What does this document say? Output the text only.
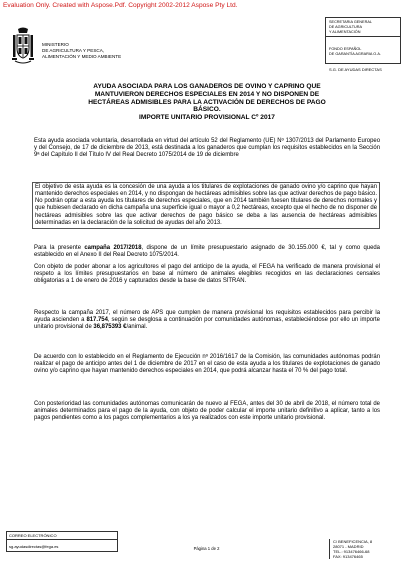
Evaluation Only. Created with Aspose.Pdf. Copyright 2002-2012 Aspose Pty Ltd.
MINISTERIO
DE AGRICULTURA Y PESCA,
ALIMENTACIÓN Y MEDIO AMBIENTE
SECRETARIA GENERAL
DE AGRICULTURA
Y ALIMENTACIÓN
FONDO ESPAÑOL
DE GARANTÍA AGRARIA O.A.
S.G. DE AYUDAS DIRECTAS
AYUDA ASOCIADA PARA LOS GANADEROS DE OVINO Y CAPRINO QUE
MANTUVIERON DERECHOS ESPECIALES EN 2014 Y NO DISPONEN DE
HECTÁREAS ADMISIBLES PARA LA ACTIVACIÓN DE DERECHOS DE PAGO
BÁSICO.
IMPORTE UNITARIO PROVISIONAL Cº 2017
Esta ayuda asociada voluntaria, desarrollada en virtud del artículo 52 del Reglamento (UE) Nº 1307/2013 del Parlamento Europeo y del Consejo, de 17 de diciembre de 2013, está destinada a los ganaderos que cumplan los requisitos establecidos en la Sección 9ª del Capítulo II del Título IV del Real Decreto 1075/2014 de 19 de diciembre
El objetivo de esta ayuda es la concesión de una ayuda a los titulares de explotaciones de ganado ovino y/o caprino que hayan mantenido derechos especiales en 2014, y no dispongan de hectáreas admisibles sobre las que activar derechos de pago básico. No podrán optar a esta ayuda los titulares de derechos especiales, que en 2014 también fuesen titulares de derechos normales y que hubiesen declarado en dicha campaña una superficie igual o mayor a 0,2 hectáreas, excepto que el hecho de no disponer de hectáreas admisibles sobre las que activar derechos de pago básico se deba a las ausencia de hectáreas admisibles determinadas en la declaración de la solicitud de ayudas del año 2013.
Para la presente campaña 2017/2018, dispone de un límite presupuestario asignado de 30.155.000 €, tal y como queda establecido en el Anexo II del Real Decreto 1075/2014.
Con objeto de poder abonar a los agricultores el pago del anticipo de la ayuda, el FEGA ha verificado de manera provisional el respeto a los límites presupuestarios en base al número de animales elegibles recogidos en las declaraciones censales obligatorias a 1 de enero de 2016 y capturados desde la base de datos SITRAN.
Respecto la campaña 2017, el número de APS que cumplen de manera provisional los requisitos establecidos para percibir la ayuda ascienden a 817.754, según se desglosa a continuación por comunidades autónomas, estableciéndose por ello un importe unitario provisional de 36,875393 €/animal.
De acuerdo con lo establecido en el Reglamento de Ejecución nº 2016/1617 de la Comisión, las comunidades autónomas podrán realizar el pago de anticipo antes del 1 de diciembre de 2017 en el caso de esta ayuda a los titulares de explotaciones de ganado ovino y/o caprino que hayan mantenido derechos especiales en 2014, que podrá alcanzar hasta el 70 % del pago total.
Con posterioridad las comunidades autónomas comunicarán de nuevo al FEGA, antes del 30 de abril de 2018, el número total de animales determinados para el pago de la ayuda, con objeto de poder calcular el importe unitario definitivo a aplicar, tanto a los pagos pendientes como a los pagos complementarios a los ya realizados con este importe unitario provisional.
CORREO ELECTRÓNICO
sg.ayudasdirectas@fega.es	Página 1 de 2
C/ BENEFICENCIA, 8
28071 - MADRID
TEL.: 913476466-68
FAX: 913476465
